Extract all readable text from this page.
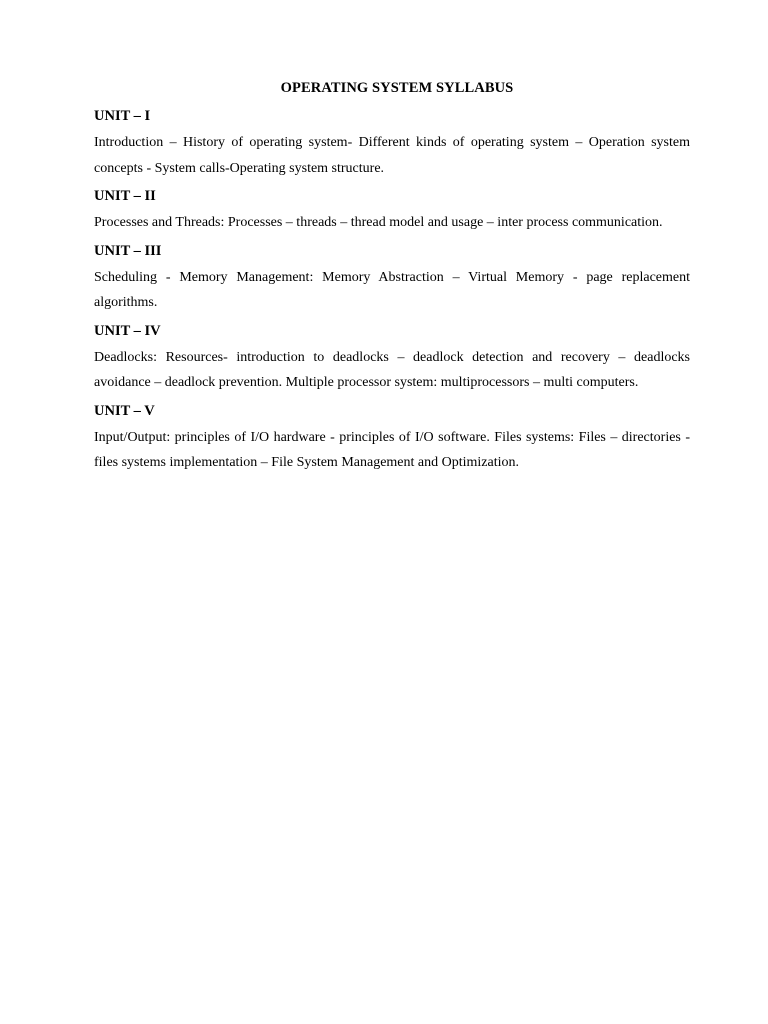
OPERATING SYSTEM SYLLABUS
UNIT – I

Introduction – History of operating system- Different kinds of operating system – Operation system concepts - System calls-Operating system structure.

UNIT – II

Processes and Threads: Processes – threads – thread model and usage – inter process communication.

UNIT – III

Scheduling - Memory Management: Memory Abstraction – Virtual Memory - page replacement algorithms.

UNIT – IV

Deadlocks: Resources- introduction to deadlocks – deadlock detection and recovery – deadlocks avoidance – deadlock prevention. Multiple processor system: multiprocessors – multi computers.

UNIT – V

Input/Output: principles of I/O hardware - principles of I/O software. Files systems: Files – directories - files systems implementation – File System Management and Optimization.
